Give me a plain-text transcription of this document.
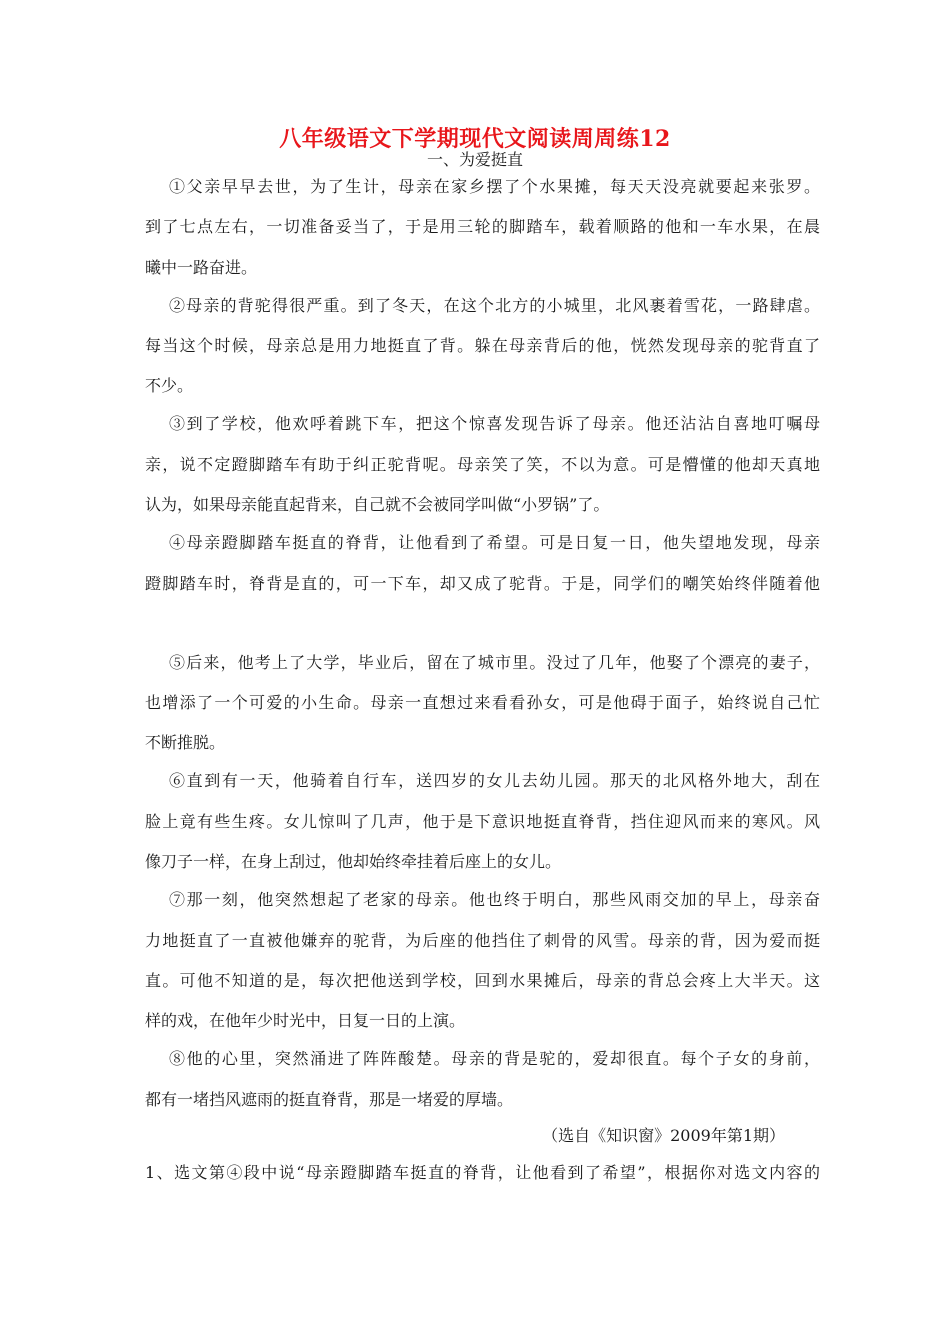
八年级语文下学期现代文阅读周周练12
一、为爱挺直
①父亲早早去世，为了生计，母亲在家乡摆了个水果摊，每天天没亮就要起来张罗。
到了七点左右，一切准备妥当了，于是用三轮的脚踏车，载着顺路的他和一车水果，在晨
曦中一路奋进。
②母亲的背驼得很严重。到了冬天，在这个北方的小城里，北风裹着雪花，一路肆虐。
每当这个时候，母亲总是用力地挺直了背。躲在母亲背后的他，恍然发现母亲的驼背直了
不少。
③到了学校，他欢呼着跳下车，把这个惊喜发现告诉了母亲。他还沾沾自喜地叮嘱母
亲，说不定蹬脚踏车有助于纠正驼背呢。母亲笑了笑，不以为意。可是懵懂的他却天真地
认为，如果母亲能直起背来，自己就不会被同学叫做“小罗锅”了。
④母亲蹬脚踏车挺直的脊背，让他看到了希望。可是日复一日，他失望地发现，母亲
蹬脚踏车时，脊背是直的，可一下车，却又成了驼背。于是，同学们的嘲笑始终伴随着他
⑤后来，他考上了大学，毕业后，留在了城市里。没过了几年，他娶了个漂亮的妻子，
也增添了一个可爱的小生命。母亲一直想过来看看孙女，可是他碍于面子，始终说自己忙
不断推脱。
⑥直到有一天，他骑着自行车，送四岁的女儿去幼儿园。那天的北风格外地大，刮在
脸上竟有些生疼。女儿惊叫了几声，他于是下意识地挺直脊背，挡住迎风而来的寒风。风
像刀子一样，在身上刮过，他却始终牵挂着后座上的女儿。
⑦那一刻，他突然想起了老家的母亲。他也终于明白，那些风雨交加的早上，母亲奋
力地挺直了一直被他嫌弃的驼背，为后座的他挡住了刺骨的风雪。母亲的背，因为爱而挺
直。可他不知道的是，每次把他送到学校，回到水果摊后，母亲的背总会疼上大半天。这
样的戏，在他年少时光中，日复一日的上演。
⑧他的心里，突然涌进了阵阵酸楚。母亲的背是驼的，爱却很直。每个子女的身前，
都有一堵挡风遮雨的挺直脊背，那是一堵爱的厚墙。
（选自《知识窗》2009年第1期）
1、选文第④段中说“母亲蹬脚踏车挺直的脊背，让他看到了希望”，根据你对选文内容的
